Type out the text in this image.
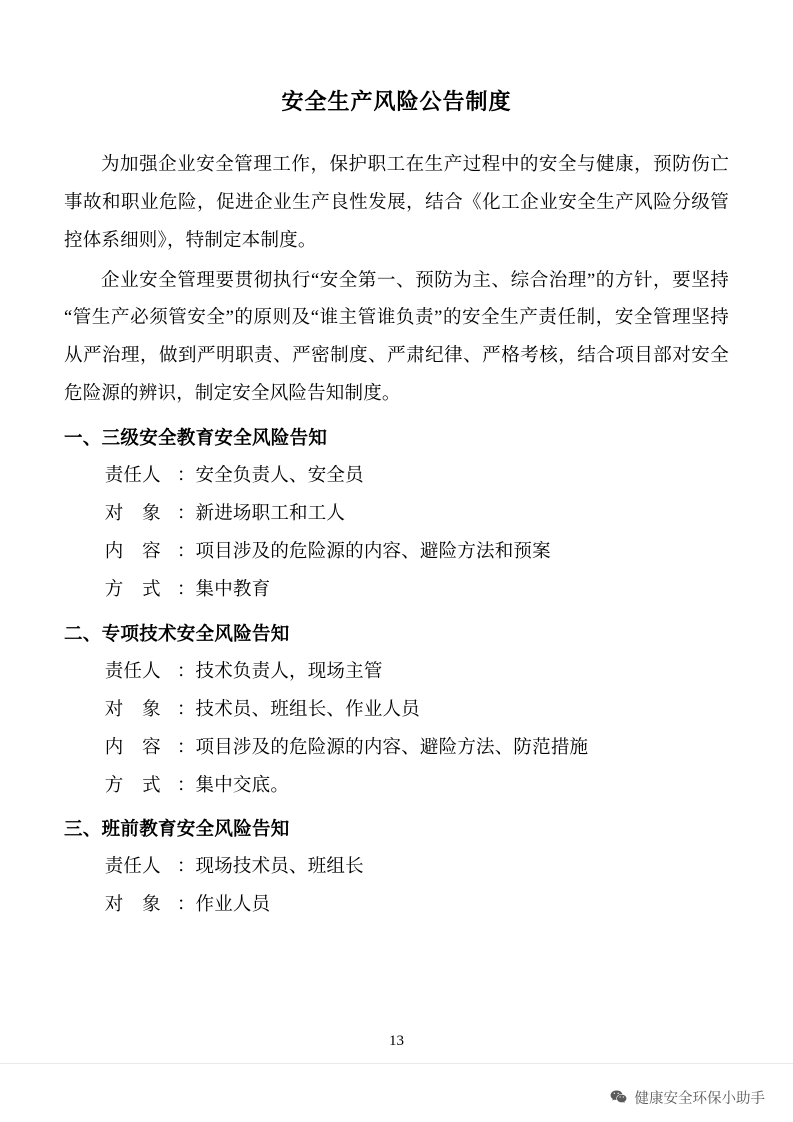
安全生产风险公告制度

为加强企业安全管理工作，保护职工在生产过程中的安全与健康，预防伤亡事故和职业危险，促进企业生产良性发展，结合《化工企业安全生产风险分级管控体系细则》，特制定本制度。

企业安全管理要贯彻执行“安全第一、预防为主、综合治理”的方针，要坚持“管生产必须管安全”的原则及“谁主管谁负责”的安全生产责任制，安全管理坚持从严治理，做到严明职责、严密制度、严肃纪律、严格考核，结合项目部对安全危险源的辨识，制定安全风险告知制度。

一、三级安全教育安全风险告知

责任人 ：安全负责人、安全员

对　象 ：新进场职工和工人

内　容 ：项目涉及的危险源的内容、避险方法和预案

方　式 ：集中教育

二、专项技术安全风险告知

责任人 ：技术负责人，现场主管

对　象 ：技术员、班组长、作业人员

内　容 ：项目涉及的危险源的内容、避险方法、防范措施

方　式 ：集中交底。

三、班前教育安全风险告知

责任人 ：现场技术员、班组长

对　象 ：作业人员

13
健康安全环保小助手
